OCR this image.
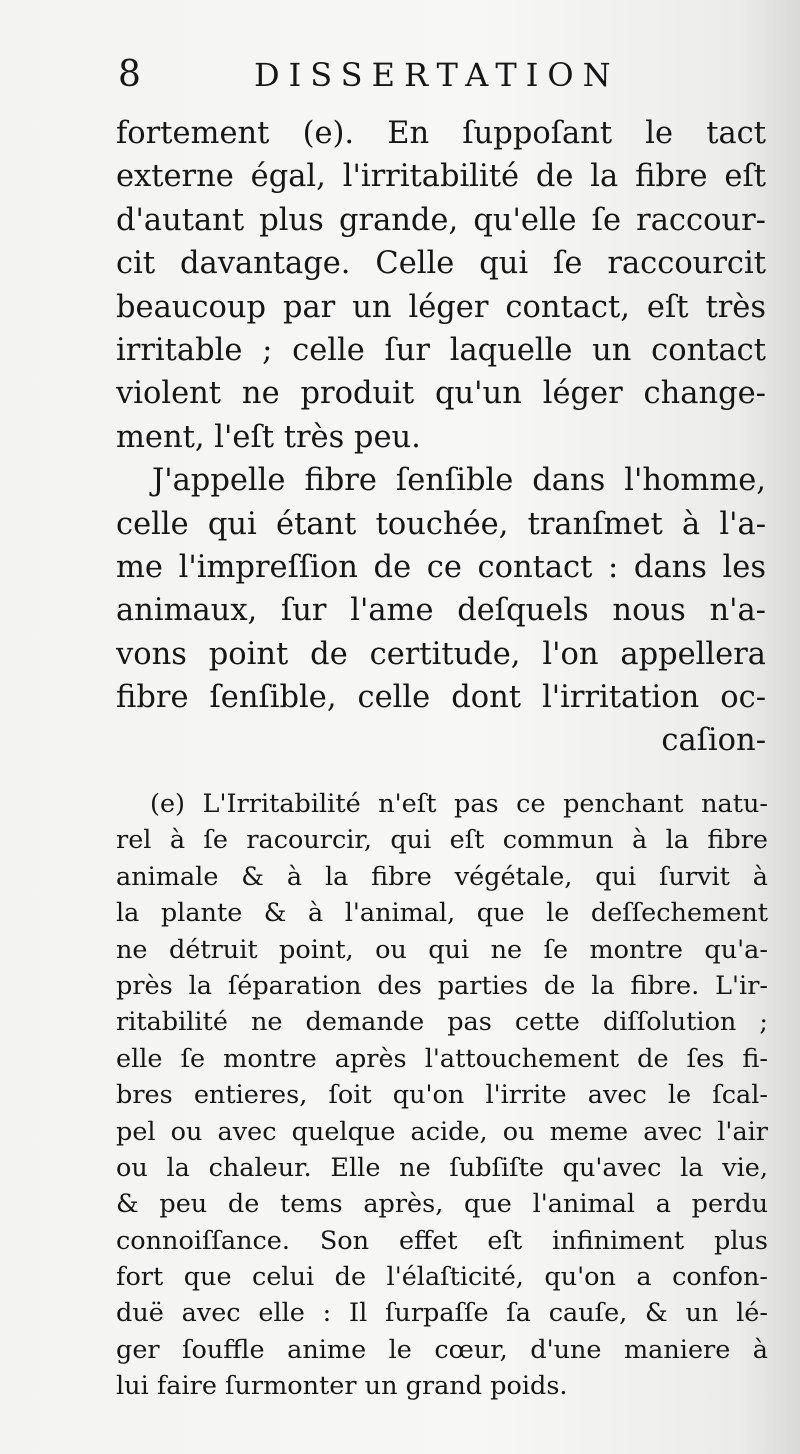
8	DISSERTATION
fortement (e). En ſuppoſant le tact
externe égal, l'irritabilité de la fibre eſt
d'autant plus grande, qu'elle ſe raccour-
cit davantage. Celle qui ſe raccourcit
beaucoup par un léger contact, eſt très
irritable ; celle ſur laquelle un contact
violent ne produit qu'un léger change-
ment, l'eſt très peu.
J'appelle fibre ſenſible dans l'homme,
celle qui étant touchée, tranſmet à l'a-
me l'impreſſion de ce contact : dans les
animaux, ſur l'ame deſquels nous n'a-
vons point de certitude, l'on appellera
fibre ſenſible, celle dont l'irritation oc-
caſion-
(e) L'Irritabilité n'eſt pas ce penchant natu-
rel à ſe racourcir, qui eſt commun à la fibre
animale & à la fibre végétale, qui ſurvit à
la plante & à l'animal, que le deſſechement
ne détruit point, ou qui ne ſe montre qu'a-
près la ſéparation des parties de la fibre. L'ir-
ritabilité ne demande pas cette diſſolution ;
elle ſe montre après l'attouchement de ſes fi-
bres entieres, ſoit qu'on l'irrite avec le ſcal-
pel ou avec quelque acide, ou meme avec l'air
ou la chaleur. Elle ne ſubſiſte qu'avec la vie,
& peu de tems après, que l'animal a perdu
connoiſſance. Son effet eſt infiniment plus
fort que celui de l'élaſticité, qu'on a confon-
duë avec elle : Il ſurpaſſe ſa cauſe, & un lé-
ger ſouffle anime le cœur, d'une maniere à
lui faire ſurmonter un grand poids.
